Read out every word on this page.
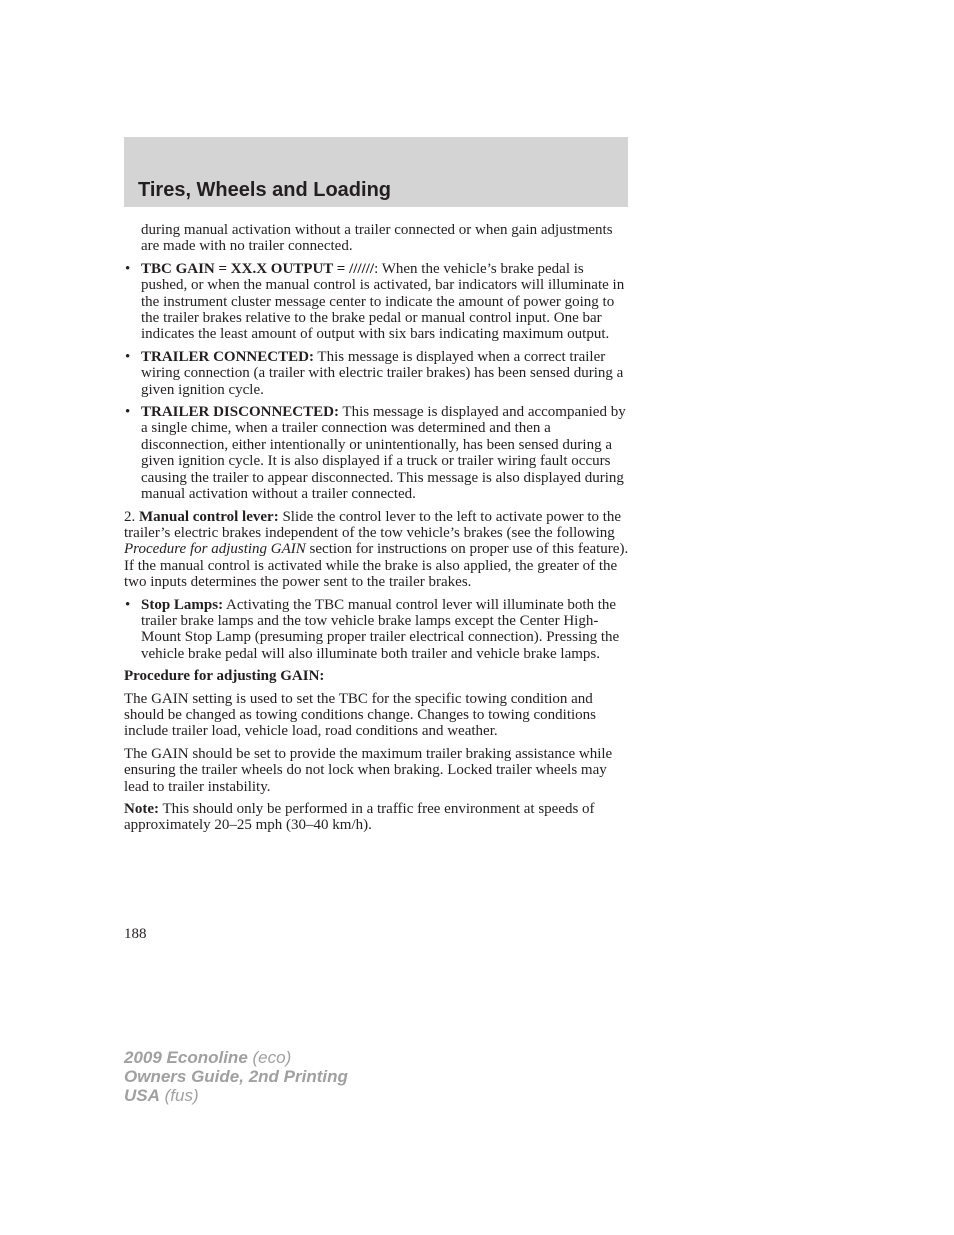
Tires, Wheels and Loading

during manual activation without a trailer connected or when gain adjustments are made with no trailer connected.

• TBC GAIN = XX.X OUTPUT = //////: When the vehicle’s brake pedal is pushed, or when the manual control is activated, bar indicators will illuminate in the instrument cluster message center to indicate the amount of power going to the trailer brakes relative to the brake pedal or manual control input. One bar indicates the least amount of output with six bars indicating maximum output.

• TRAILER CONNECTED: This message is displayed when a correct trailer wiring connection (a trailer with electric trailer brakes) has been sensed during a given ignition cycle.

• TRAILER DISCONNECTED: This message is displayed and accompanied by a single chime, when a trailer connection was determined and then a disconnection, either intentionally or unintentionally, has been sensed during a given ignition cycle. It is also displayed if a truck or trailer wiring fault occurs causing the trailer to appear disconnected. This message is also displayed during manual activation without a trailer connected.

2. Manual control lever: Slide the control lever to the left to activate power to the trailer’s electric brakes independent of the tow vehicle’s brakes (see the following Procedure for adjusting GAIN section for instructions on proper use of this feature). If the manual control is activated while the brake is also applied, the greater of the two inputs determines the power sent to the trailer brakes.

• Stop Lamps: Activating the TBC manual control lever will illuminate both the trailer brake lamps and the tow vehicle brake lamps except the Center High-Mount Stop Lamp (presuming proper trailer electrical connection). Pressing the vehicle brake pedal will also illuminate both trailer and vehicle brake lamps.

Procedure for adjusting GAIN:

The GAIN setting is used to set the TBC for the specific towing condition and should be changed as towing conditions change. Changes to towing conditions include trailer load, vehicle load, road conditions and weather.

The GAIN should be set to provide the maximum trailer braking assistance while ensuring the trailer wheels do not lock when braking. Locked trailer wheels may lead to trailer instability.

Note: This should only be performed in a traffic free environment at speeds of approximately 20–25 mph (30–40 km/h).

188
2009 Econoline (eco)
Owners Guide, 2nd Printing
USA (fus)
